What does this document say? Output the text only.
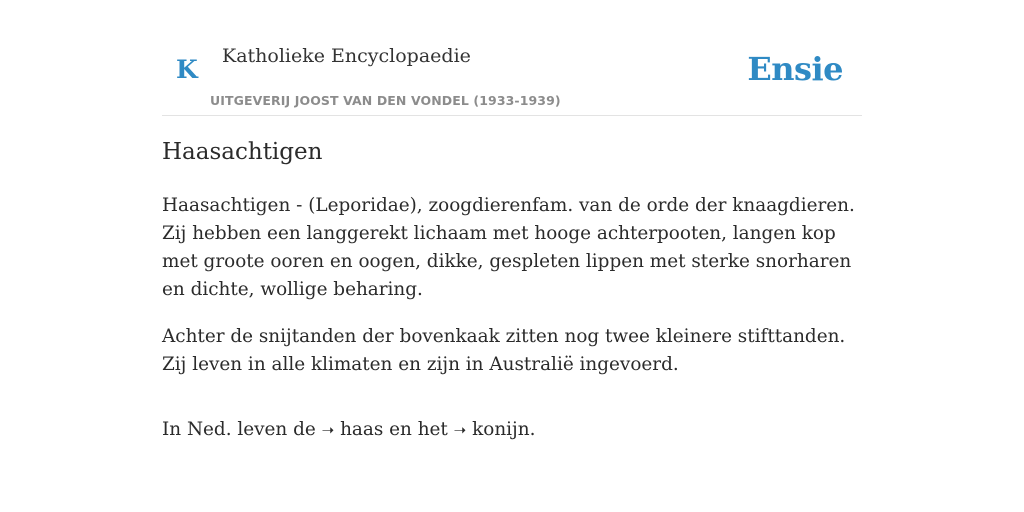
K Katholieke Encyclopaedie
UITGEVERIJ JOOST VAN DEN VONDEL (1933-1939)
Ensie
Haasachtigen

Haasachtigen - (Leporidae), zoogdierenfam. van de orde der knaagdieren. Zij hebben een langgerekt lichaam met hooge achterpooten, langen kop met groote ooren en oogen, dikke, gespleten lippen met sterke snorharen en dichte, wollige beharing.

Achter de snijtanden der bovenkaak zitten nog twee kleinere stifttanden. Zij leven in alle klimaten en zijn in Australië ingevoerd.

In Ned. leven de ➝ haas en het ➝ konijn.
